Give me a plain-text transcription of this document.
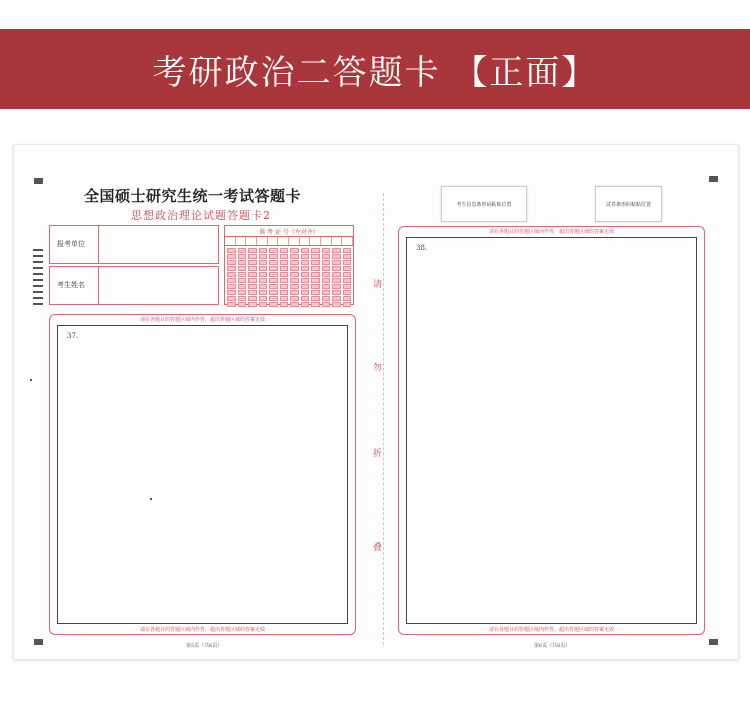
考研政治二答题卡 【正面】
全国硕士研究生统一考试答题卡
思想政治理论试题答题卡2
报考单位
考生姓名
准 考 证 号（左对齐）
请在各题目的答题区域内作答，超出答题区域的答案无效
37.
请在各题目的答题区域内作答，超出答题区域的答案无效
第5页（共6页）
请
勿
折
叠
考生信息条形码粘贴位置	试卷条形码粘贴位置
请在各题目的答题区域内作答，超出答题区域的答案无效
38.
请在各题目的答题区域内作答，超出答题区域的答案无效
第6页（共6页）
